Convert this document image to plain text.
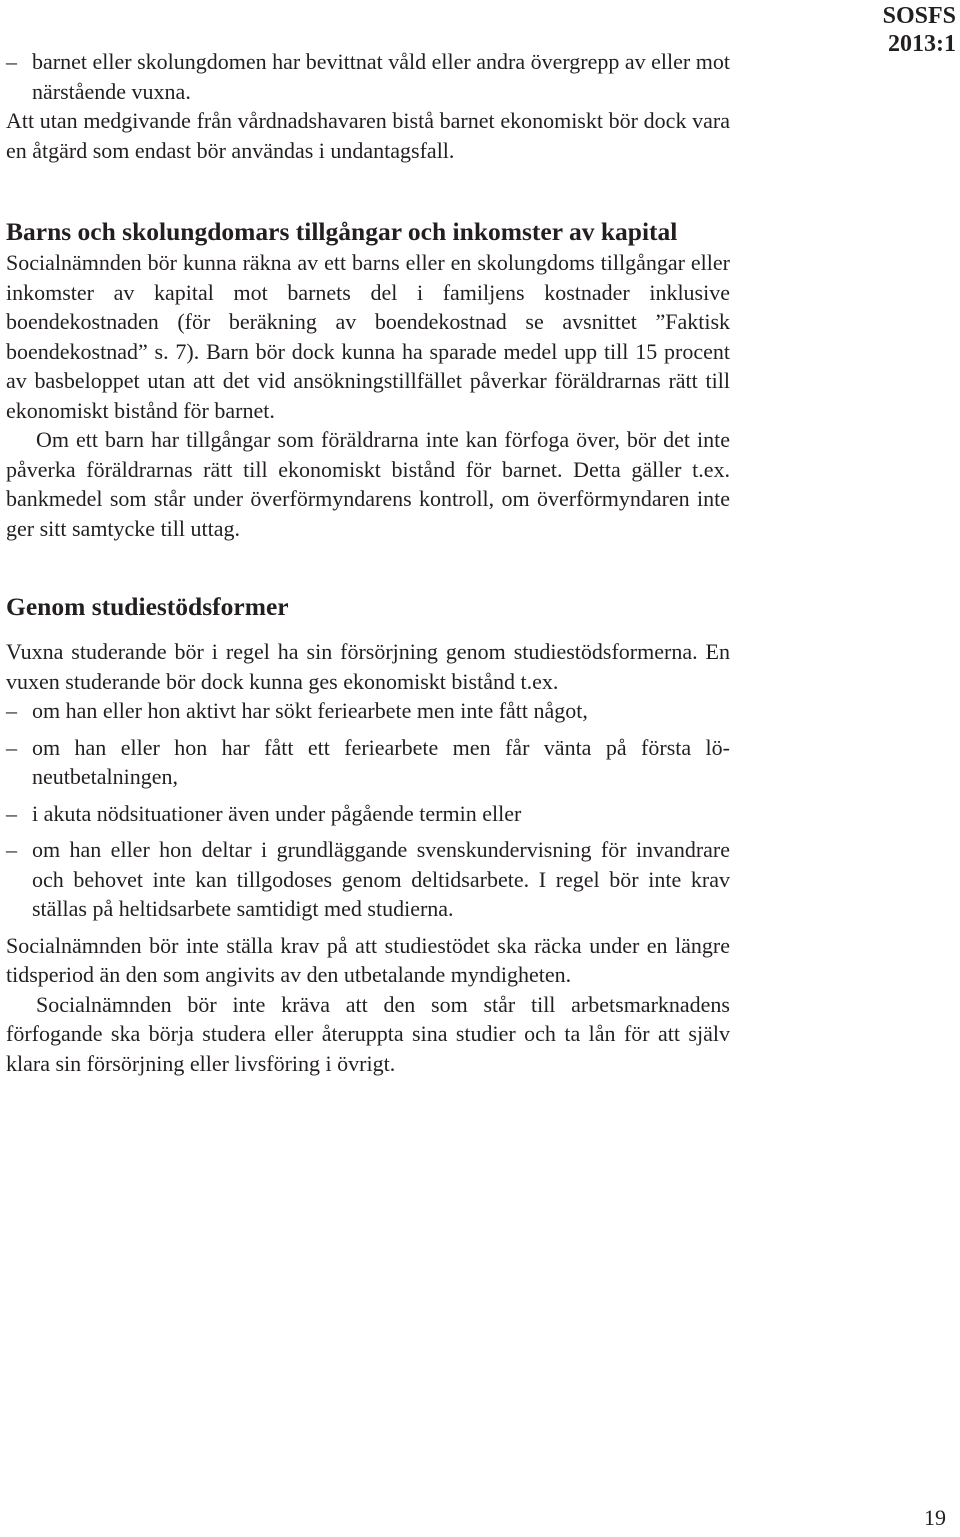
SOSFS
2013:1
– barnet eller skolungdomen har bevittnat våld eller andra övergrepp av eller mot närstående vuxna.

Att utan medgivande från vårdnadshavaren bistå barnet ekonomiskt bör dock vara en åtgärd som endast bör användas i undantagsfall.

Barns och skolungdomars tillgångar och inkomster av kapital

Socialnämnden bör kunna räkna av ett barns eller en skolungdoms tillgångar eller inkomster av kapital mot barnets del i familjens kostnader inklusive boendekostnaden (för beräkning av boendekostnad se avsnittet ”Faktisk boendekostnad” s. 7). Barn bör dock kunna ha sparade medel upp till 15 procent av basbeloppet utan att det vid ansökningstillfället påverkar föräldrarnas rätt till ekonomiskt bistånd för barnet.

Om ett barn har tillgångar som föräldrarna inte kan förfoga över, bör det inte påverka föräldrarnas rätt till ekonomiskt bistånd för barnet. Detta gäller t.ex. bankmedel som står under överförmyndarens kontroll, om överförmyndaren inte ger sitt samtycke till uttag.

Genom studiestödsformer

Vuxna studerande bör i regel ha sin försörjning genom studiestödsformerna. En vuxen studerande bör dock kunna ges ekonomiskt bistånd t.ex.

– om han eller hon aktivt har sökt feriearbete men inte fått något,
– om han eller hon har fått ett feriearbete men får vänta på första löneutbetalningen,
– i akuta nödsituationer även under pågående termin eller
– om han eller hon deltar i grundläggande svenskundervisning för invandrare och behovet inte kan tillgodoses genom deltidsarbete. I regel bör inte krav ställas på heltidsarbete samtidigt med studierna.

Socialnämnden bör inte ställa krav på att studiestödet ska räcka under en längre tidsperiod än den som angivits av den utbetalande myndigheten.

Socialnämnden bör inte kräva att den som står till arbetsmarknadens förfogande ska börja studera eller återuppta sina studier och ta lån för att själv klara sin försörjning eller livsföring i övrigt.

19
